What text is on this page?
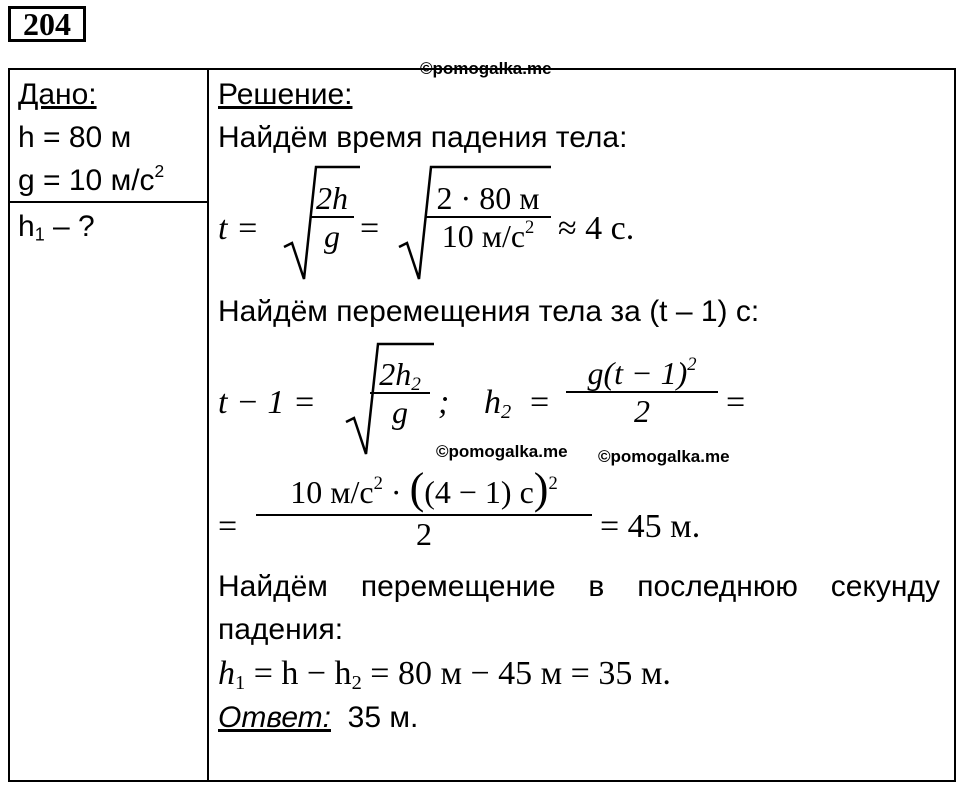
204
Дано:
h = 80 м
g = 10 $м/с^2$
$h_1$ – ?
Решение:
Найдём время падения тела:
t =
2h
g =
2 · 80 м
10 $м/с^2 \approx 4$ с.
Найдём перемещения тела за (t – 1) с:
t − 1 =
$2h_2$
g ; $h_2$ =
$g(t - 1)^2$
2	=
©pomogalka.me
©pomogalka.me ©pomogalka.me
=
10 $м/с^2 \cdot ((4 - 1)$ с)$^2$
2	= 45 м.
Найдём перемещение в последнюю секунду
падения:
$h_1 = h - h_2 = 80$ м − 45 м = 35 м.
Ответ: 35 м.
